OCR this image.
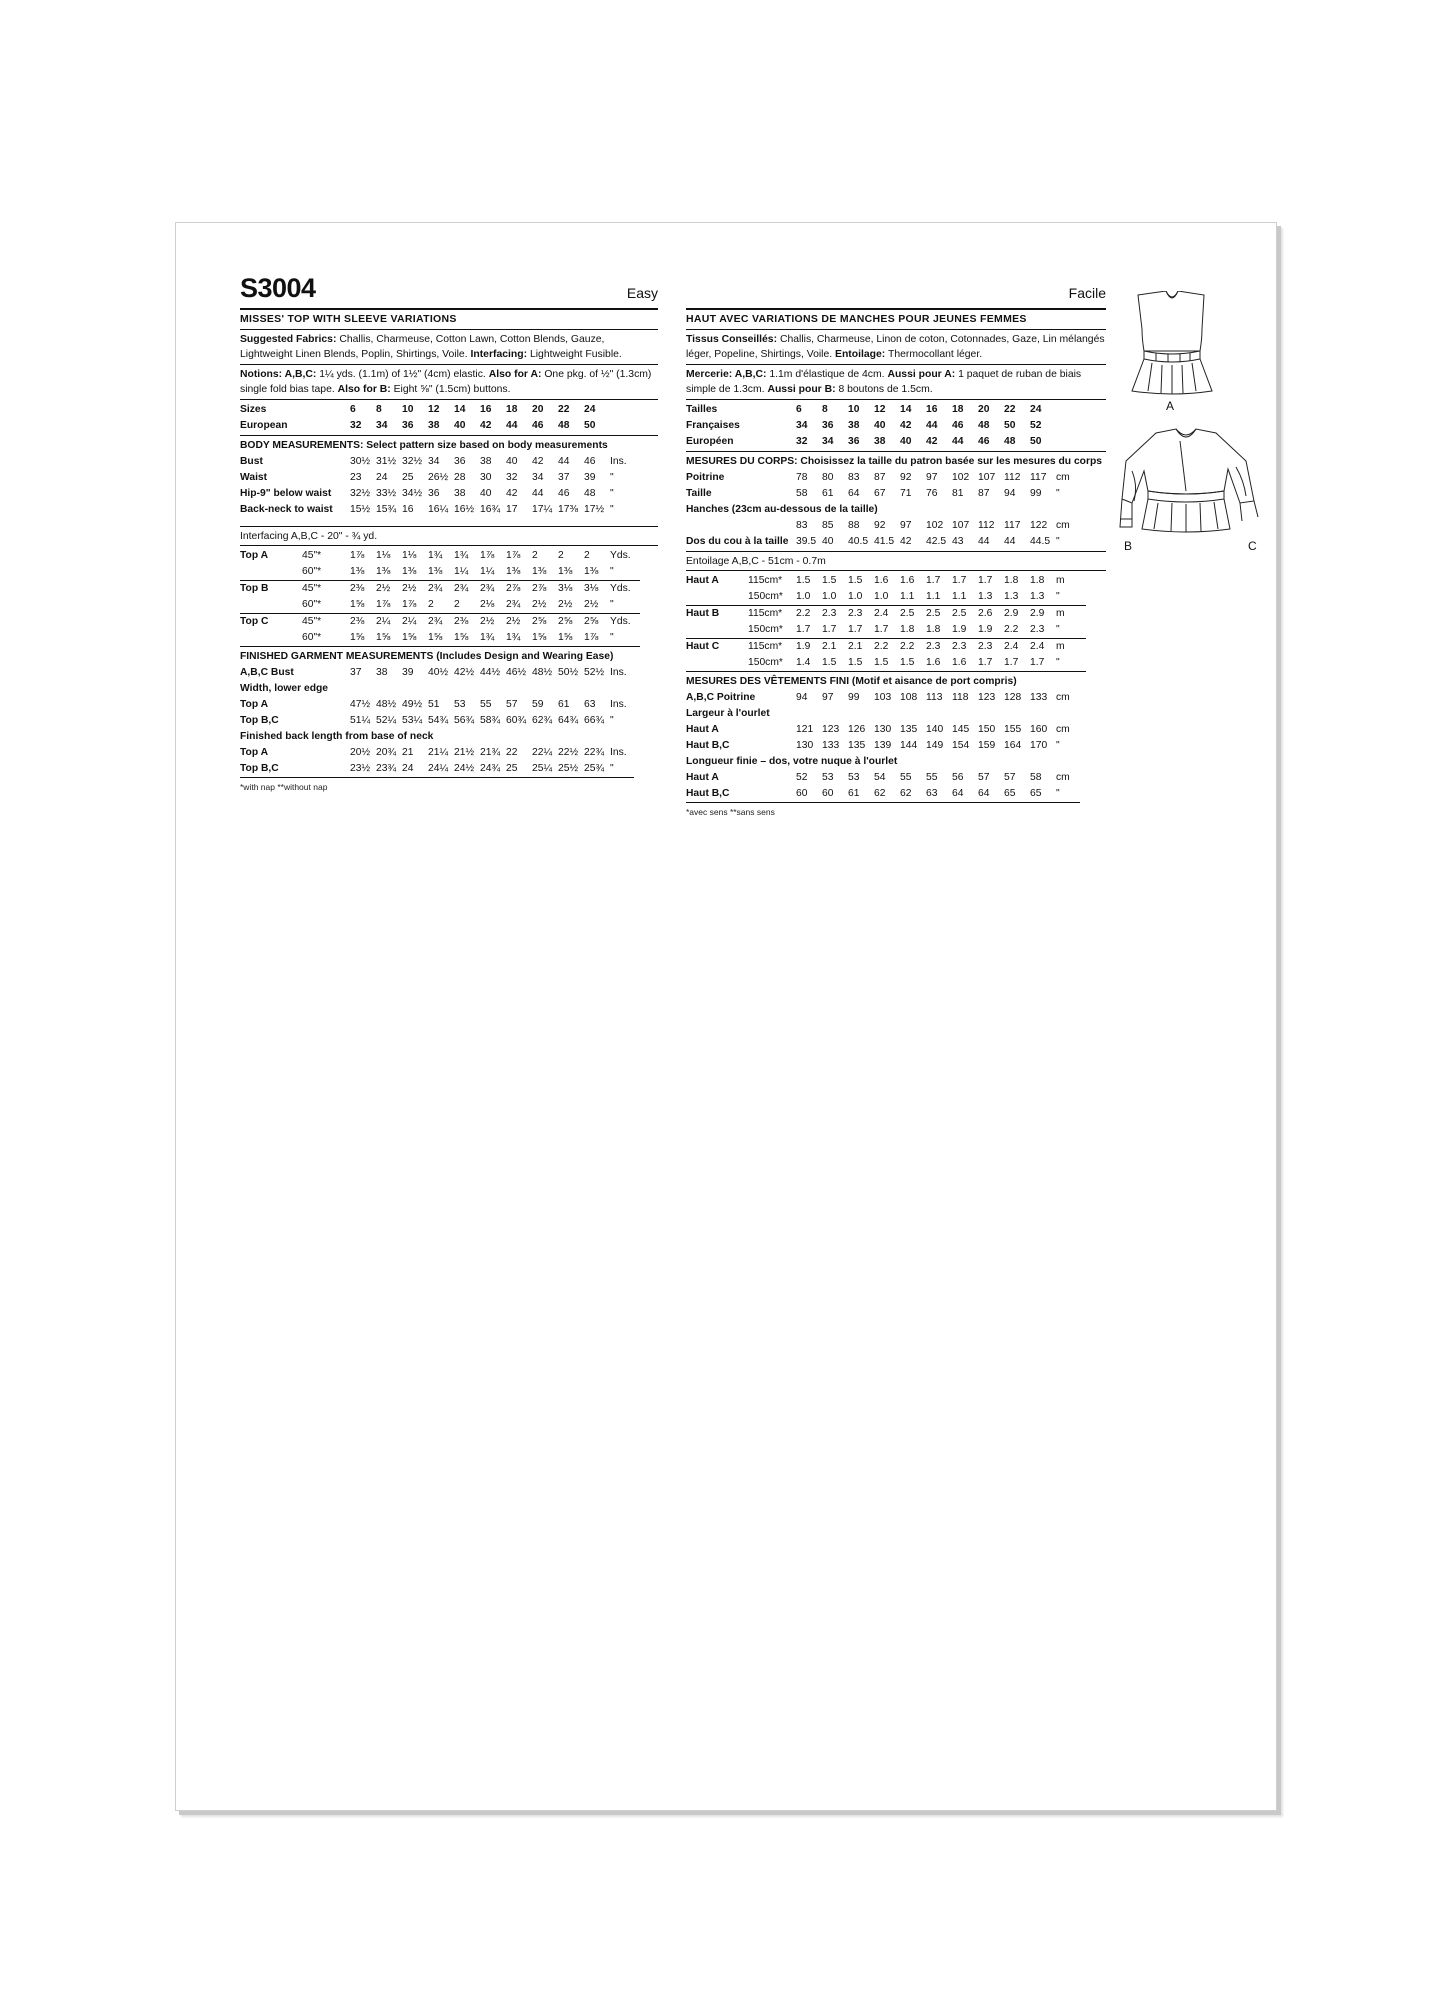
S3004	Easy
MISSES' TOP WITH SLEEVE VARIATIONS
Suggested Fabrics: Challis, Charmeuse, Cotton Lawn, Cotton Blends, Gauze, Lightweight Linen Blends, Poplin, Shirtings, Voile. Interfacing: Lightweight Fusible.
Notions: A,B,C: 1¼ yds. (1.1m) of 1½" (4cm) elastic. Also for A: One pkg. of ½" (1.3cm) single fold bias tape. Also for B: Eight ⅝" (1.5cm) buttons.
Sizes	6	8	10	12	14	16	18	20	22	24
European	32	34	36	38	40	42	44	46	48	50
BODY MEASUREMENTS: Select pattern size based on body measurements
Bust	30½	31½	32½	34	36	38	40	42	44	46	Ins.
Waist	23	24	25	26½	28	30	32	34	37	39	"
Hip-9" below waist	32½	33½	34½	36	38	40	42	44	46	48	"
Back-neck to waist	15½	15¾	16	16¼	16½	16¾	17	17¼	17⅜	17½	"
Interfacing A,B,C - 20" - ¾ yd.
Top A	45"*	1⅞	1⅛	1⅛	1¾	1¾	1⅞	1⅞	2	2	2	Yds.
	60"*	1⅜	1⅜	1⅜	1⅜	1¼	1¼	1⅜	1⅜	1⅜	1⅜	"
Top B	45"*	2⅜	2½	2½	2¾	2¾	2¾	2⅞	2⅞	3⅛	3⅛	Yds.
	60"*	1⅝	1⅞	1⅞	2	2	2⅛	2¾	2½	2½	2½	"
Top C	45"*	2⅜	2¼	2¼	2¾	2⅜	2½	2½	2⅝	2⅝	2⅝	Yds.
	60"*	1⅝	1⅝	1⅝	1⅝	1⅝	1¾	1¾	1⅝	1⅝	1⅞	"
FINISHED GARMENT MEASUREMENTS (Includes Design and Wearing Ease)
A,B,C Bust	37	38	39	40½	42½	44½	46½	48½	50½	52½	Ins.
Width, lower edge											
Top A	47½	48½	49½	51	53	55	57	59	61	63	Ins.
Top B,C	51¼	52¼	53¼	54¾	56¾	58¾	60¾	62¾	64¾	66¾	"
Finished back length from base of neck											
Top A	20½	20¾	21	21¼	21½	21¾	22	22¼	22½	22¾	Ins.
Top B,C	23½	23¾	24	24¼	24½	24¾	25	25¼	25½	25¾	"
*with nap **without nap
Facile
HAUT AVEC VARIATIONS DE MANCHES POUR JEUNES FEMMES
Tissus Conseillés: Challis, Charmeuse, Linon de coton, Cotonnades, Gaze, Lin mélangés léger, Popeline, Shirtings, Voile. Entoilage: Thermocollant léger.
Mercerie: A,B,C: 1.1m d'élastique de 4cm. Aussi pour A: 1 paquet de ruban de biais simple de 1.3cm. Aussi pour B: 8 boutons de 1.5cm.
Tailles	6	8	10	12	14	16	18	20	22	24
Françaises	34	36	38	40	42	44	46	48	50	52
Européen	32	34	36	38	40	42	44	46	48	50
MESURES DU CORPS: Choisissez la taille du patron basée sur les mesures du corps
Poitrine	78	80	83	87	92	97	102	107	112	117	cm
Taille	58	61	64	67	71	76	81	87	94	99	"
Hanches (23cm au-dessous de la taille)											
	83	85	88	92	97	102	107	112	117	122	cm
Dos du cou à la taille	39.5	40	40.5	41.5	42	42.5	43	44	44	44.5	"
Entoilage A,B,C - 51cm - 0.7m
Haut A	115cm*	1.5	1.5	1.5	1.6	1.6	1.7	1.7	1.7	1.8	1.8	m
	150cm*	1.0	1.0	1.0	1.0	1.1	1.1	1.1	1.3	1.3	1.3	"
Haut B	115cm*	2.2	2.3	2.3	2.4	2.5	2.5	2.5	2.6	2.9	2.9	m
	150cm*	1.7	1.7	1.7	1.7	1.8	1.8	1.9	1.9	2.2	2.3	"
Haut C	115cm*	1.9	2.1	2.1	2.2	2.2	2.3	2.3	2.3	2.4	2.4	m
	150cm*	1.4	1.5	1.5	1.5	1.5	1.6	1.6	1.7	1.7	1.7	"
MESURES DES VÊTEMENTS FINI (Motif et aisance de port compris)
A,B,C Poitrine	94	97	99	103	108	113	118	123	128	133	cm
Largeur à l'ourlet											
Haut A	121	123	126	130	135	140	145	150	155	160	cm
Haut B,C	130	133	135	139	144	149	154	159	164	170	"
Longueur finie – dos, votre nuque à l'ourlet											
Haut A	52	53	53	54	55	55	56	57	57	58	cm
Haut B,C	60	60	61	62	62	63	64	64	65	65	"
*avec sens **sans sens
A
B	C
